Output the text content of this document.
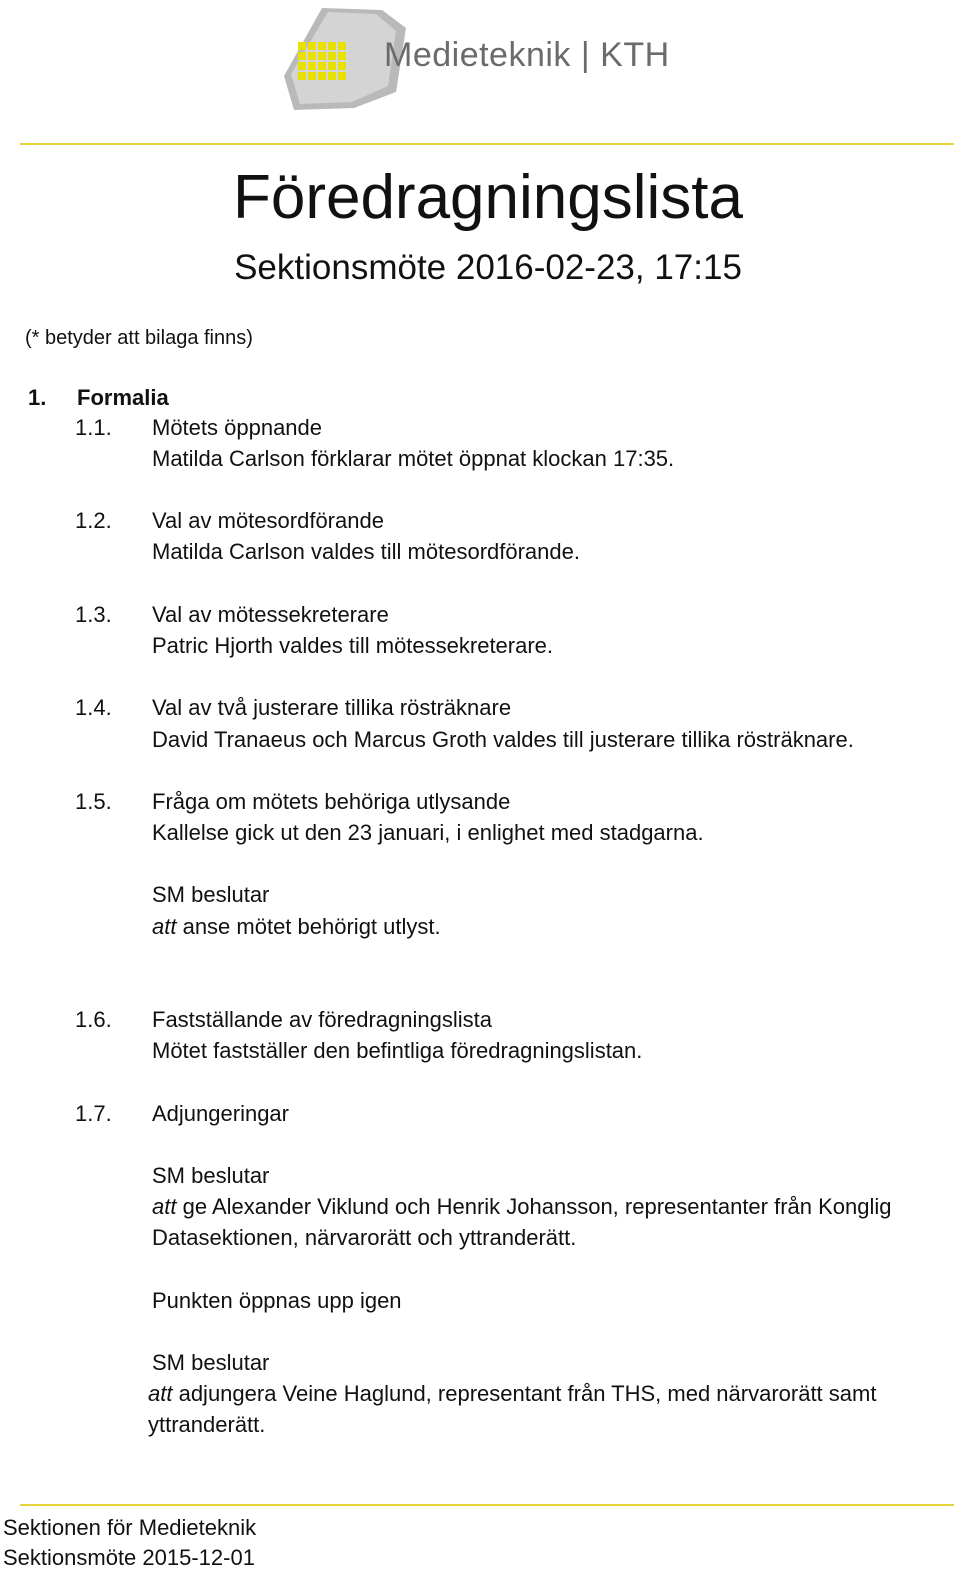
Medieteknik | KTH
Föredragningslista
Sektionsmöte 2016-02-23, 17:15
(* betyder att bilaga finns)
1. Formalia
1.1. Mötets öppnande
Matilda Carlson förklarar mötet öppnat klockan 17:35.
1.2. Val av mötesordförande
Matilda Carlson valdes till mötesordförande.
1.3. Val av mötessekreterare
Patric Hjorth valdes till mötessekreterare.
1.4. Val av två justerare tillika rösträknare
David Tranaeus och Marcus Groth valdes till justerare tillika rösträknare.
1.5. Fråga om mötets behöriga utlysande
Kallelse gick ut den 23 januari, i enlighet med stadgarna.
SM beslutar
att anse mötet behörigt utlyst.
1.6. Fastställande av föredragningslista
Mötet fastställer den befintliga föredragningslistan.
1.7. Adjungeringar
SM beslutar
att ge Alexander Viklund och Henrik Johansson, representanter från Konglig
Datasektionen, närvarorätt och yttranderätt.
Punkten öppnas upp igen
SM beslutar
att adjungera Veine Haglund, representant från THS, med närvarorätt samt
yttranderätt.
Sektionen för Medieteknik
Sektionsmöte 2015-12-01
